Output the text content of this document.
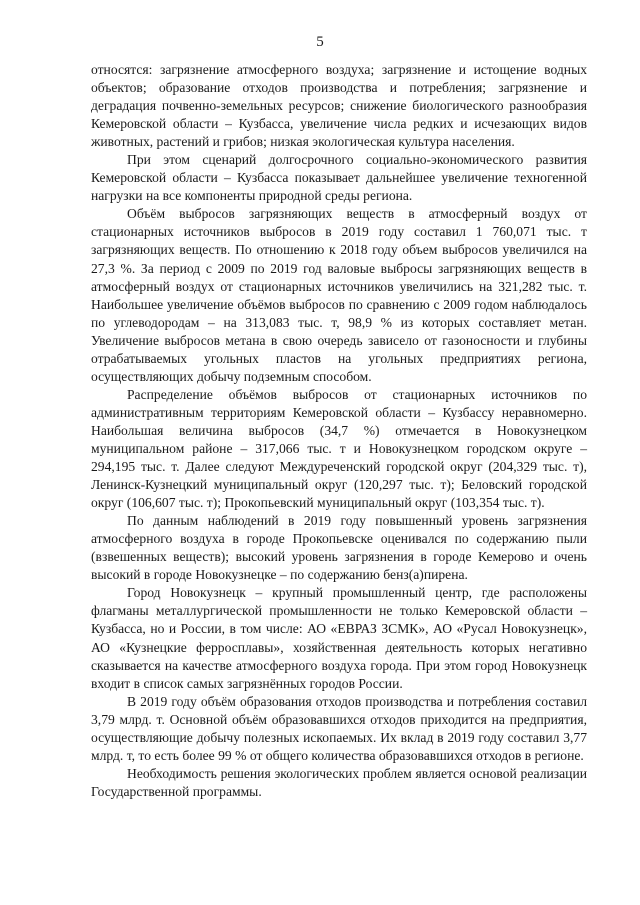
5

относятся: загрязнение атмосферного воздуха; загрязнение и истощение водных объектов; образование отходов производства и потребления; загрязнение и деградация почвенно-земельных ресурсов; снижение биологического разнообразия Кемеровской области – Кузбасса, увеличение числа редких и исчезающих видов животных, растений и грибов; низкая экологическая культура населения.

При этом сценарий долгосрочного социально-экономического развития Кемеровской области – Кузбасса показывает дальнейшее увеличение техногенной нагрузки на все компоненты природной среды региона.

Объём выбросов загрязняющих веществ в атмосферный воздух от стационарных источников выбросов в 2019 году составил 1 760,071 тыс. т загрязняющих веществ. По отношению к 2018 году объем выбросов увеличился на 27,3 %. За период с 2009 по 2019 год валовые выбросы загрязняющих веществ в атмосферный воздух от стационарных источников увеличились на 321,282 тыс. т. Наибольшее увеличение объёмов выбросов по сравнению с 2009 годом наблюдалось по углеводородам – на 313,083 тыс. т, 98,9 % из которых составляет метан. Увеличение выбросов метана в свою очередь зависело от газоносности и глубины отрабатываемых угольных пластов на угольных предприятиях региона, осуществляющих добычу подземным способом.

Распределение объёмов выбросов от стационарных источников по административным территориям Кемеровской области – Кузбассу неравномерно. Наибольшая величина выбросов (34,7 %) отмечается в Новокузнецком муниципальном районе – 317,066 тыс. т и Новокузнецком городском округе – 294,195 тыс. т. Далее следуют Междуреченский городской округ (204,329 тыс. т), Ленинск-Кузнецкий муниципальный округ (120,297 тыс. т); Беловский городской округ (106,607 тыс. т); Прокопьевский муниципальный округ (103,354 тыс. т).

По данным наблюдений в 2019 году повышенный уровень загрязнения атмосферного воздуха в городе Прокопьевске оценивался по содержанию пыли (взвешенных веществ); высокий уровень загрязнения в городе Кемерово и очень высокий в городе Новокузнецке – по содержанию бенз(а)пирена.

Город Новокузнецк – крупный промышленный центр, где расположены флагманы металлургической промышленности не только Кемеровской области – Кузбасса, но и России, в том числе: АО «ЕВРАЗ ЗСМК», АО «Русал Новокузнецк», АО «Кузнецкие ферросплавы», хозяйственная деятельность которых негативно сказывается на качестве атмосферного воздуха города. При этом город Новокузнецк входит в список самых загрязнённых городов России.

В 2019 году объём образования отходов производства и потребления составил 3,79 млрд. т. Основной объём образовавшихся отходов приходится на предприятия, осуществляющие добычу полезных ископаемых. Их вклад в 2019 году составил 3,77 млрд. т, то есть более 99 % от общего количества образовавшихся отходов в регионе.

Необходимость решения экологических проблем является основой реализации Государственной программы.
